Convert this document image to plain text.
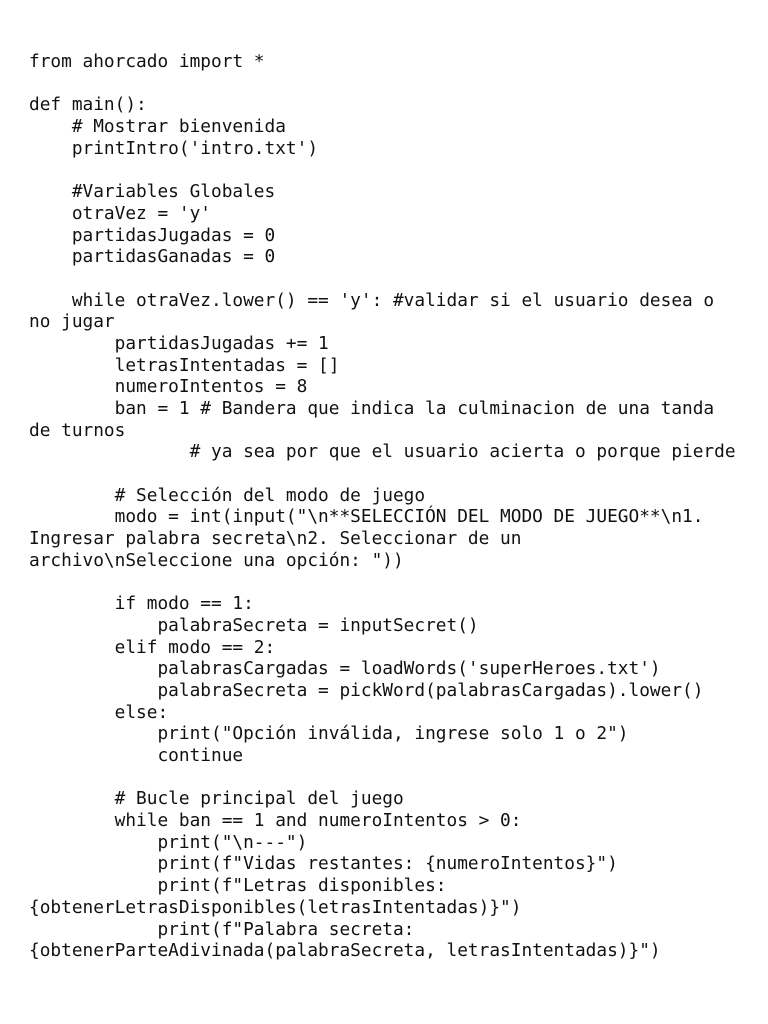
from ahorcado import *
def main():
# Mostrar bienvenida
printIntro('intro.txt')
#Variables Globales
otraVez = 'y'
partidasJugadas = 0
partidasGanadas = 0
while otraVez.lower() == 'y': #validar si el usuario desea o
no jugar
partidasJugadas += 1
letrasIntentadas = []
numeroIntentos = 8
ban = 1 # Bandera que indica la culminacion de una tanda
de turnos
# ya sea por que el usuario acierta o porque pierde
# Selección del modo de juego
modo = int(input("\n**SELECCIÓN DEL MODO DE JUEGO**\n1.
Ingresar palabra secreta\n2. Seleccionar de un
archivo\nSeleccione una opción: "))
if modo == 1:
palabraSecreta = inputSecret()
elif modo == 2:
palabrasCargadas = loadWords('superHeroes.txt')
palabraSecreta = pickWord(palabrasCargadas).lower()
else:
print("Opción inválida, ingrese solo 1 o 2")
continue
# Bucle principal del juego
while ban == 1 and numeroIntentos > 0:
print("\n---")
print(f"Vidas restantes: {numeroIntentos}")
print(f"Letras disponibles:
{obtenerLetrasDisponibles(letrasIntentadas)}")
print(f"Palabra secreta:
{obtenerParteAdivinada(palabraSecreta, letrasIntentadas)}")
